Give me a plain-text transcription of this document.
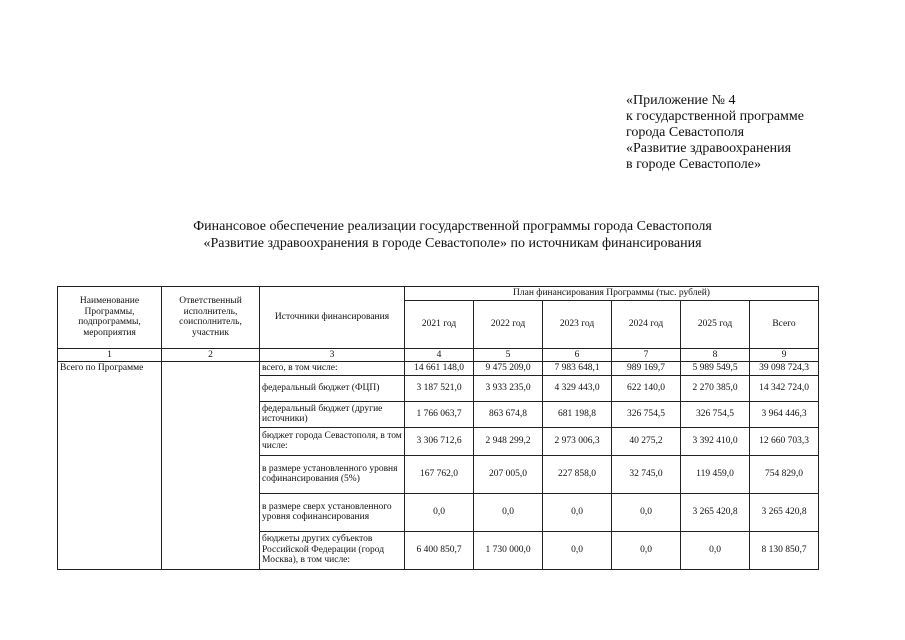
«Приложение № 4
к государственной программе
города Севастополя
«Развитие здравоохранения
в городе Севастополе»
Финансовое обеспечение реализации государственной программы города Севастополя
«Развитие здравоохранения в городе Севастополе» по источникам финансирования
Наименование Программы, подпрограммы, мероприятия	Ответственный исполнитель, соисполнитель, участник	Источники финансирования	План финансирования Программы (тыс. рублей)					
			2021 год	2022 год	2023 год	2024 год	2025 год	Всего
1	2	3	4	5	6	7	8	9
Всего по Программе		всего, в том числе:	14 661 148,0	9 475 209,0	7 983 648,1	989 169,7	5 989 549,5	39 098 724,3
		федеральный бюджет (ФЦП)	3 187 521,0	3 933 235,0	4 329 443,0	622 140,0	2 270 385,0	14 342 724,0
		федеральный бюджет (другие источники)	1 766 063,7	863 674,8	681 198,8	326 754,5	326 754,5	3 964 446,3
		бюджет города Севастополя, в том числе:	3 306 712,6	2 948 299,2	2 973 006,3	40 275,2	3 392 410,0	12 660 703,3
		в размере установленного уровня софинансирования (5%)	167 762,0	207 005,0	227 858,0	32 745,0	119 459,0	754 829,0
		в размере сверх установленного уровня софинансирования	0,0	0,0	0,0	0,0	3 265 420,8	3 265 420,8
		бюджеты других субъектов Российской Федерации (город Москва), в том числе:	6 400 850,7	1 730 000,0	0,0	0,0	0,0	8 130 850,7
